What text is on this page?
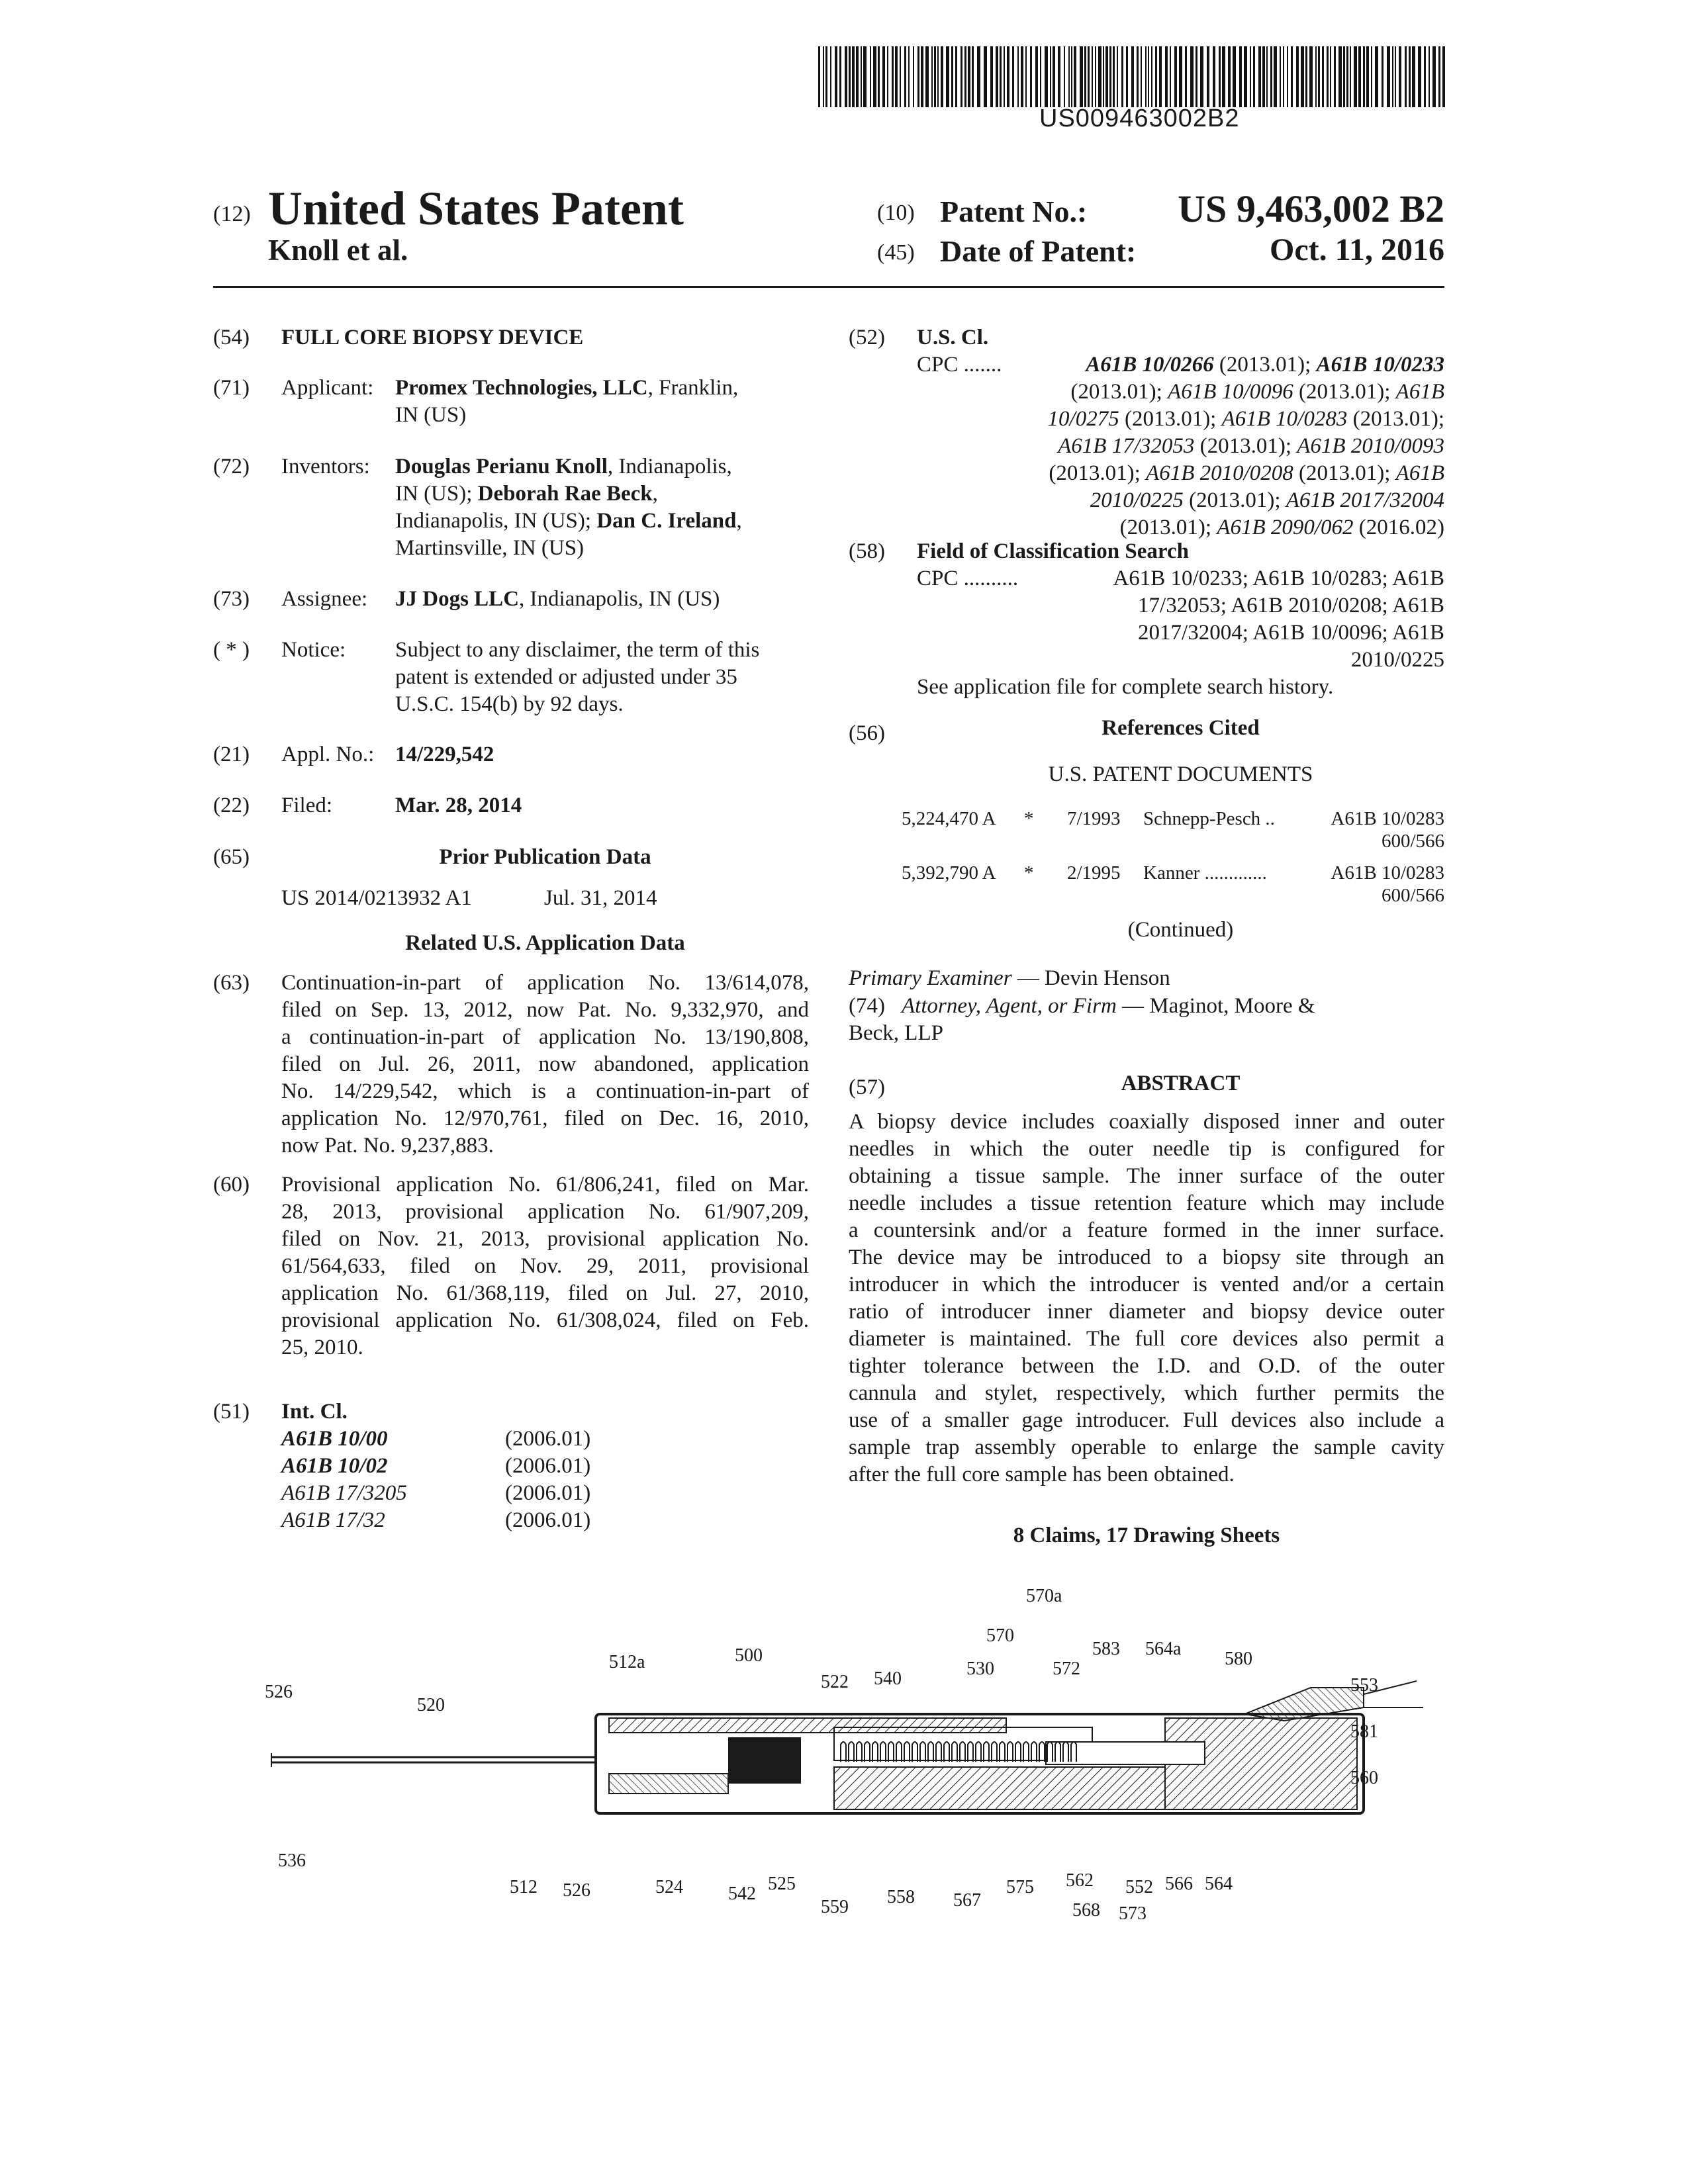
US009463002B2
(12) United States Patent
Knoll et al.
(10) Patent No.:	US 9,463,002 B2
(45) Date of Patent:	Oct. 11, 2016
(54) FULL CORE BIOPSY DEVICE
(71) Applicant: Promex Technologies, LLC, Franklin,
IN (US)
(72) Inventors: Douglas Perianu Knoll, Indianapolis,
IN (US); Deborah Rae Beck,
Indianapolis, IN (US); Dan C. Ireland,
Martinsville, IN (US)
(73) Assignee: JJ Dogs LLC, Indianapolis, IN (US)
( * ) Notice: Subject to any disclaimer, the term of this
patent is extended or adjusted under 35
U.S.C. 154(b) by 92 days.
(21) Appl. No.: 14/229,542
(22) Filed:	Mar. 28, 2014
(65)	Prior Publication Data
US 2014/0213932 A1	Jul. 31, 2014
Related U.S. Application Data
(63) Continuation-in-part of application No. 13/614,078,
filed on Sep. 13, 2012, now Pat. No. 9,332,970, and
a continuation-in-part of application No. 13/190,808,
filed on Jul. 26, 2011, now abandoned, application
No. 14/229,542, which is a continuation-in-part of
application No. 12/970,761, filed on Dec. 16, 2010,
now Pat. No. 9,237,883.
(60) Provisional application No. 61/806,241, filed on Mar.
28, 2013, provisional application No. 61/907,209,
filed on Nov. 21, 2013, provisional application No.
61/564,633, filed on Nov. 29, 2011, provisional
application No. 61/368,119, filed on Jul. 27, 2010,
provisional application No. 61/308,024, filed on Feb.
25, 2010.
(51) Int. Cl.
A61B 10/00	(2006.01)
A61B 10/02	(2006.01)
A61B 17/3205	(2006.01)
A61B 17/32	(2006.01)
(52) U.S. Cl.
CPC .......	A61B 10/0266 (2013.01); A61B 10/0233
(2013.01); A61B 10/0096 (2013.01); A61B
10/0275 (2013.01); A61B 10/0283 (2013.01);
A61B 17/32053 (2013.01); A61B 2010/0093
(2013.01); A61B 2010/0208 (2013.01); A61B
2010/0225 (2013.01); A61B 2017/32004
(2013.01); A61B 2090/062 (2016.02)
(58) Field of Classification Search
CPC ..........	A61B 10/0233; A61B 10/0283; A61B
17/32053; A61B 2010/0208; A61B
2017/32004; A61B 10/0096; A61B
2010/0225
See application file for complete search history.
(56)	References Cited
U.S. PATENT DOCUMENTS
5,224,470 A * 7/1993 Schnepp-Pesch ..	A61B 10/0283
600/566
5,392,790 A * 2/1995 Kanner .............	A61B 10/0283
600/566
(Continued)
Primary Examiner — Devin Henson
(74) Attorney, Agent, or Firm — Maginot, Moore &
Beck, LLP
(57)	ABSTRACT
A biopsy device includes coaxially disposed inner and outer
needles in which the outer needle tip is configured for
obtaining a tissue sample. The inner surface of the outer
needle includes a tissue retention feature which may include
a countersink and/or a feature formed in the inner surface.
The device may be introduced to a biopsy site through an
introducer in which the introducer is vented and/or a certain
ratio of introducer inner diameter and biopsy device outer
diameter is maintained. The full core devices also permit a
tighter tolerance between the I.D. and O.D. of the outer
cannula and stylet, respectively, which further permits the
use of a smaller gage introducer. Full devices also include a
sample trap assembly operable to enlarge the sample cavity
after the full core sample has been obtained.
8 Claims, 17 Drawing Sheets
570a
570
583 564a 580
553
581
560
572
530
540
522
500
512a
520
526
536
512 526	524 542 525
559 558 567
575 562
568
552 566 564
573
